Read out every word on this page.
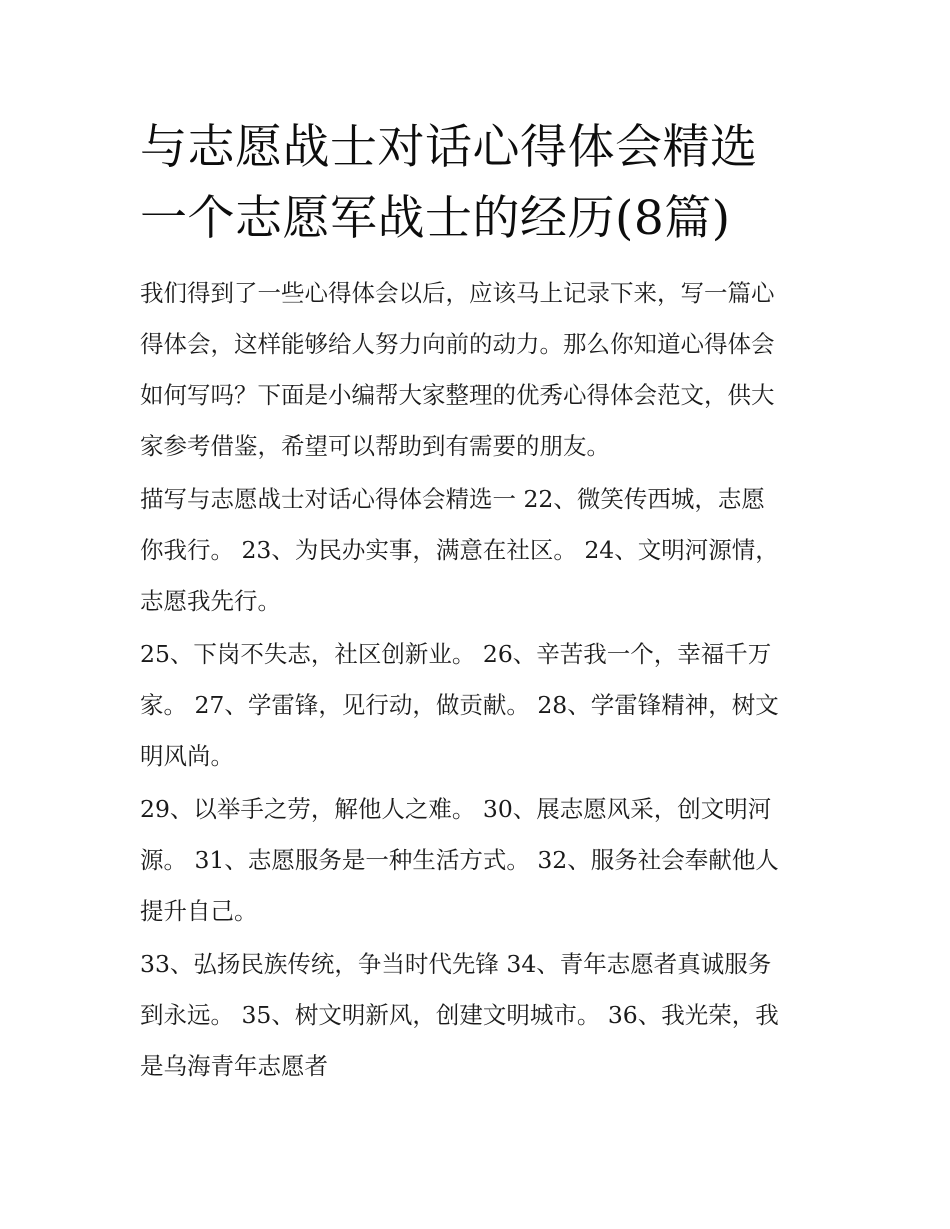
与志愿战士对话心得体会精选
一个志愿军战士的经历(8篇)

我们得到了一些心得体会以后，应该马上记录下来，写一篇心
得体会，这样能够给人努力向前的动力。那么你知道心得体会
如何写吗？下面是小编帮大家整理的优秀心得体会范文，供大
家参考借鉴，希望可以帮助到有需要的朋友。

描写与志愿战士对话心得体会精选一 22、微笑传西城，志愿
你我行。 23、为民办实事，满意在社区。 24、文明河源情，
志愿我先行。

25、下岗不失志，社区创新业。 26、辛苦我一个，幸福千万
家。 27、学雷锋，见行动，做贡献。 28、学雷锋精神，树文
明风尚。

29、以举手之劳，解他人之难。 30、展志愿风采，创文明河
源。 31、志愿服务是一种生活方式。 32、服务社会奉献他人
提升自己。

33、弘扬民族传统，争当时代先锋 34、青年志愿者真诚服务
到永远。 35、树文明新风，创建文明城市。 36、我光荣，我
是乌海青年志愿者
